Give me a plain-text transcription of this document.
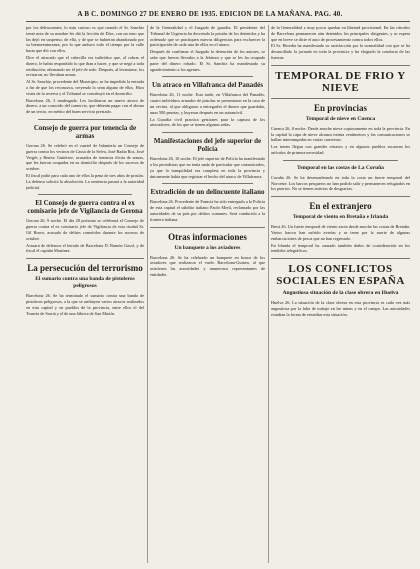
A B C. DOMINGO 27 DE ENERO DE 1935. EDICION DE LA MAÑANA. PAG. 40.

por los delincuentes, lo más curioso es que cuando el Sr. Sanchiz tomó nota de su nombre les dió la lección de Dios, con un tono que las dejó en suspenso, de ella, y de que se hubieran abandonado por su bienaventuranza, por lo que anduvo todo el tiempo por la calle hasta que dió con ellos.

Dice el atracado que el cabecilla era individuo que, al cobrar el dinero, le había respondido lo que iban a hacer, y que se negó a toda retribución, afirmando ser él jefe de todo. Después, al levantarse, los revisaron, no llevaban armas.

Al Sr. Sanchiz, procedente del Municipio, se ha impedido la entrada a fin de que los reconozca, creyendo lo sean alguno de ellos. Hizo visita de la reserva y el Tribunal se constituyó en el domicilio.

Barcelona 26, 3 madrugada. Les facilitaron un nuevo atraco de dinero, a un conocido del comercio, que deberán pagar con el abono de un tercio, en mérito del buen servicio prestado.

Consejo de guerra por tenencia de armas

Gerona 26. Se celebró en el cuartel de Infantería un Consejo de guerra contra los vecinos de Cassá de la Selva, José Badía Ros, José Vergés y Benito Gutiérrez, acusados de tenencia ilícita de armas, que les fueron ocupadas en su domicilio después de los sucesos de octubre.

El fiscal pidió para cada uno de ellos la pena de tres años de prisión. La defensa solicitó la absolución. La sentencia pasará a la autoridad judicial.

El Consejo de guerra contra el ex comisario jefe de Vigilancia de Gerona

Gerona 26, 9 noche. El día 28 próximo se celebrará el Consejo de guerra contra el ex comisario jefe de Vigilancia de esta ciudad Sr. Gil Bravo, acusado de delitos cometidos durante los sucesos de octubre.

Actuará de defensor el letrado de Barcelona D. Ramón Gasol, y de fiscal el capitán Martínez.

La persecución del terrorismo
El sumario contra una banda de pistoleros peligrosos

Barcelona 26. Se ha terminado el sumario contra una banda de pistoleros peligrosos, a la que se atribuyen varios atracos realizados en esta capital y en pueblos de la provincia, entre ellos el del Tranvía de Sarriá y el de una fábrica de San Martín.

de la Generalidad y el Juzgado de guardia. El presidente del Tribunal de Urgencia ha decretado la prisión de los detenidos y ha ordenado que se practiquen nuevas diligencias para esclarecer la participación de cada uno de ellos en el atraco.

Después de confirmar el Juzgado la detención de los autores, se sabe que fueron llevados a la Jefatura y que se les ha ocupado parte del dinero robado. El Sr. Sanchiz ha manifestado su agradecimiento a los agentes.

Un atraco en Villafranca del Panadés

Barcelona 26, 11 noche. Esta tarde, en Villafranca del Panadés, cuatro individuos armados de pistolas se presentaron en la casa de un vecino, al que obligaron a entregarles el dinero que guardaba, unas 500 pesetas, y huyeron después en un automóvil.

La Guardia civil practica gestiones para la captura de los atracadores, de los que se tienen algunas señas.

Manifestaciones del jefe superior de Policía

Barcelona 26, 10 noche. El jefe superior de Policía ha manifestado a los periodistas que no tenía nada de particular que comunicarles, ya que la tranquilidad era completa en toda la provincia y únicamente había que registrar el hecho del atraco de Villafranca.

Extradición de un delincuente italiano

Barcelona 26. Procedente de Francia ha sido entregado a la Policía de esta capital el súbdito italiano Paolo Merli, reclamado por las autoridades de su país por delitos comunes. Será conducido a la frontera italiana.

Otras informaciones
Un banquete a los aviadores

Barcelona 26. Se ha celebrado un banquete en honor de los aviadores que realizaron el vuelo Barcelona-Guinea, al que asistieron las autoridades y numerosos representantes de entidades.

de la Generalidad y muy pocos quedan en libertad provisional. En las cárceles de Barcelona permanecen aún detenidos los principales dirigentes, y se espera que en breve se dicte el auto de procesamiento contra todos ellos.

El Sr. Heredia ha manifestado su satisfacción por la normalidad con que se ha desarrollado la jornada en toda la provincia y ha elogiado la conducta de las fuerzas.

TEMPORAL DE FRIO Y NIEVE
En provincias
Temporal de nieve en Cuenca

Cuenca 26, 8 noche. Desde anoche nieva copiosamente en toda la provincia. En la capital la capa de nieve alcanza treinta centímetros y las comunicaciones se hallan interrumpidas en varias carreteras.

Los trenes llegan con grandes retrasos y en algunos pueblos escasean los artículos de primera necesidad.

Temporal en las costas de La Coruña

Coruña 26. Se ha desencadenado en toda la costa un fuerte temporal del Noroeste. Los barcos pesqueros no han podido salir y permanecen refugiados en los puertos. No se tienen noticias de desgracias.

En el extranjero
Temporal de viento en Bretaña e Irlanda

Brest 26. Un fuerte temporal de viento azota desde anoche las costas de Bretaña. Varios barcos han sufrido averías y se teme por la suerte de algunas embarcaciones de pesca que no han regresado.

En Irlanda el temporal ha causado también daños de consideración en los tendidos telegráficos.

LOS CONFLICTOS SOCIALES EN ESPAÑA
Angustiosa situación de la clase obrera en Huelva

Huelva 26. La situación de la clase obrera en esta provincia es cada vez más angustiosa por la falta de trabajo en las minas y en el campo. Las autoridades estudian la forma de remediar esta situación.
